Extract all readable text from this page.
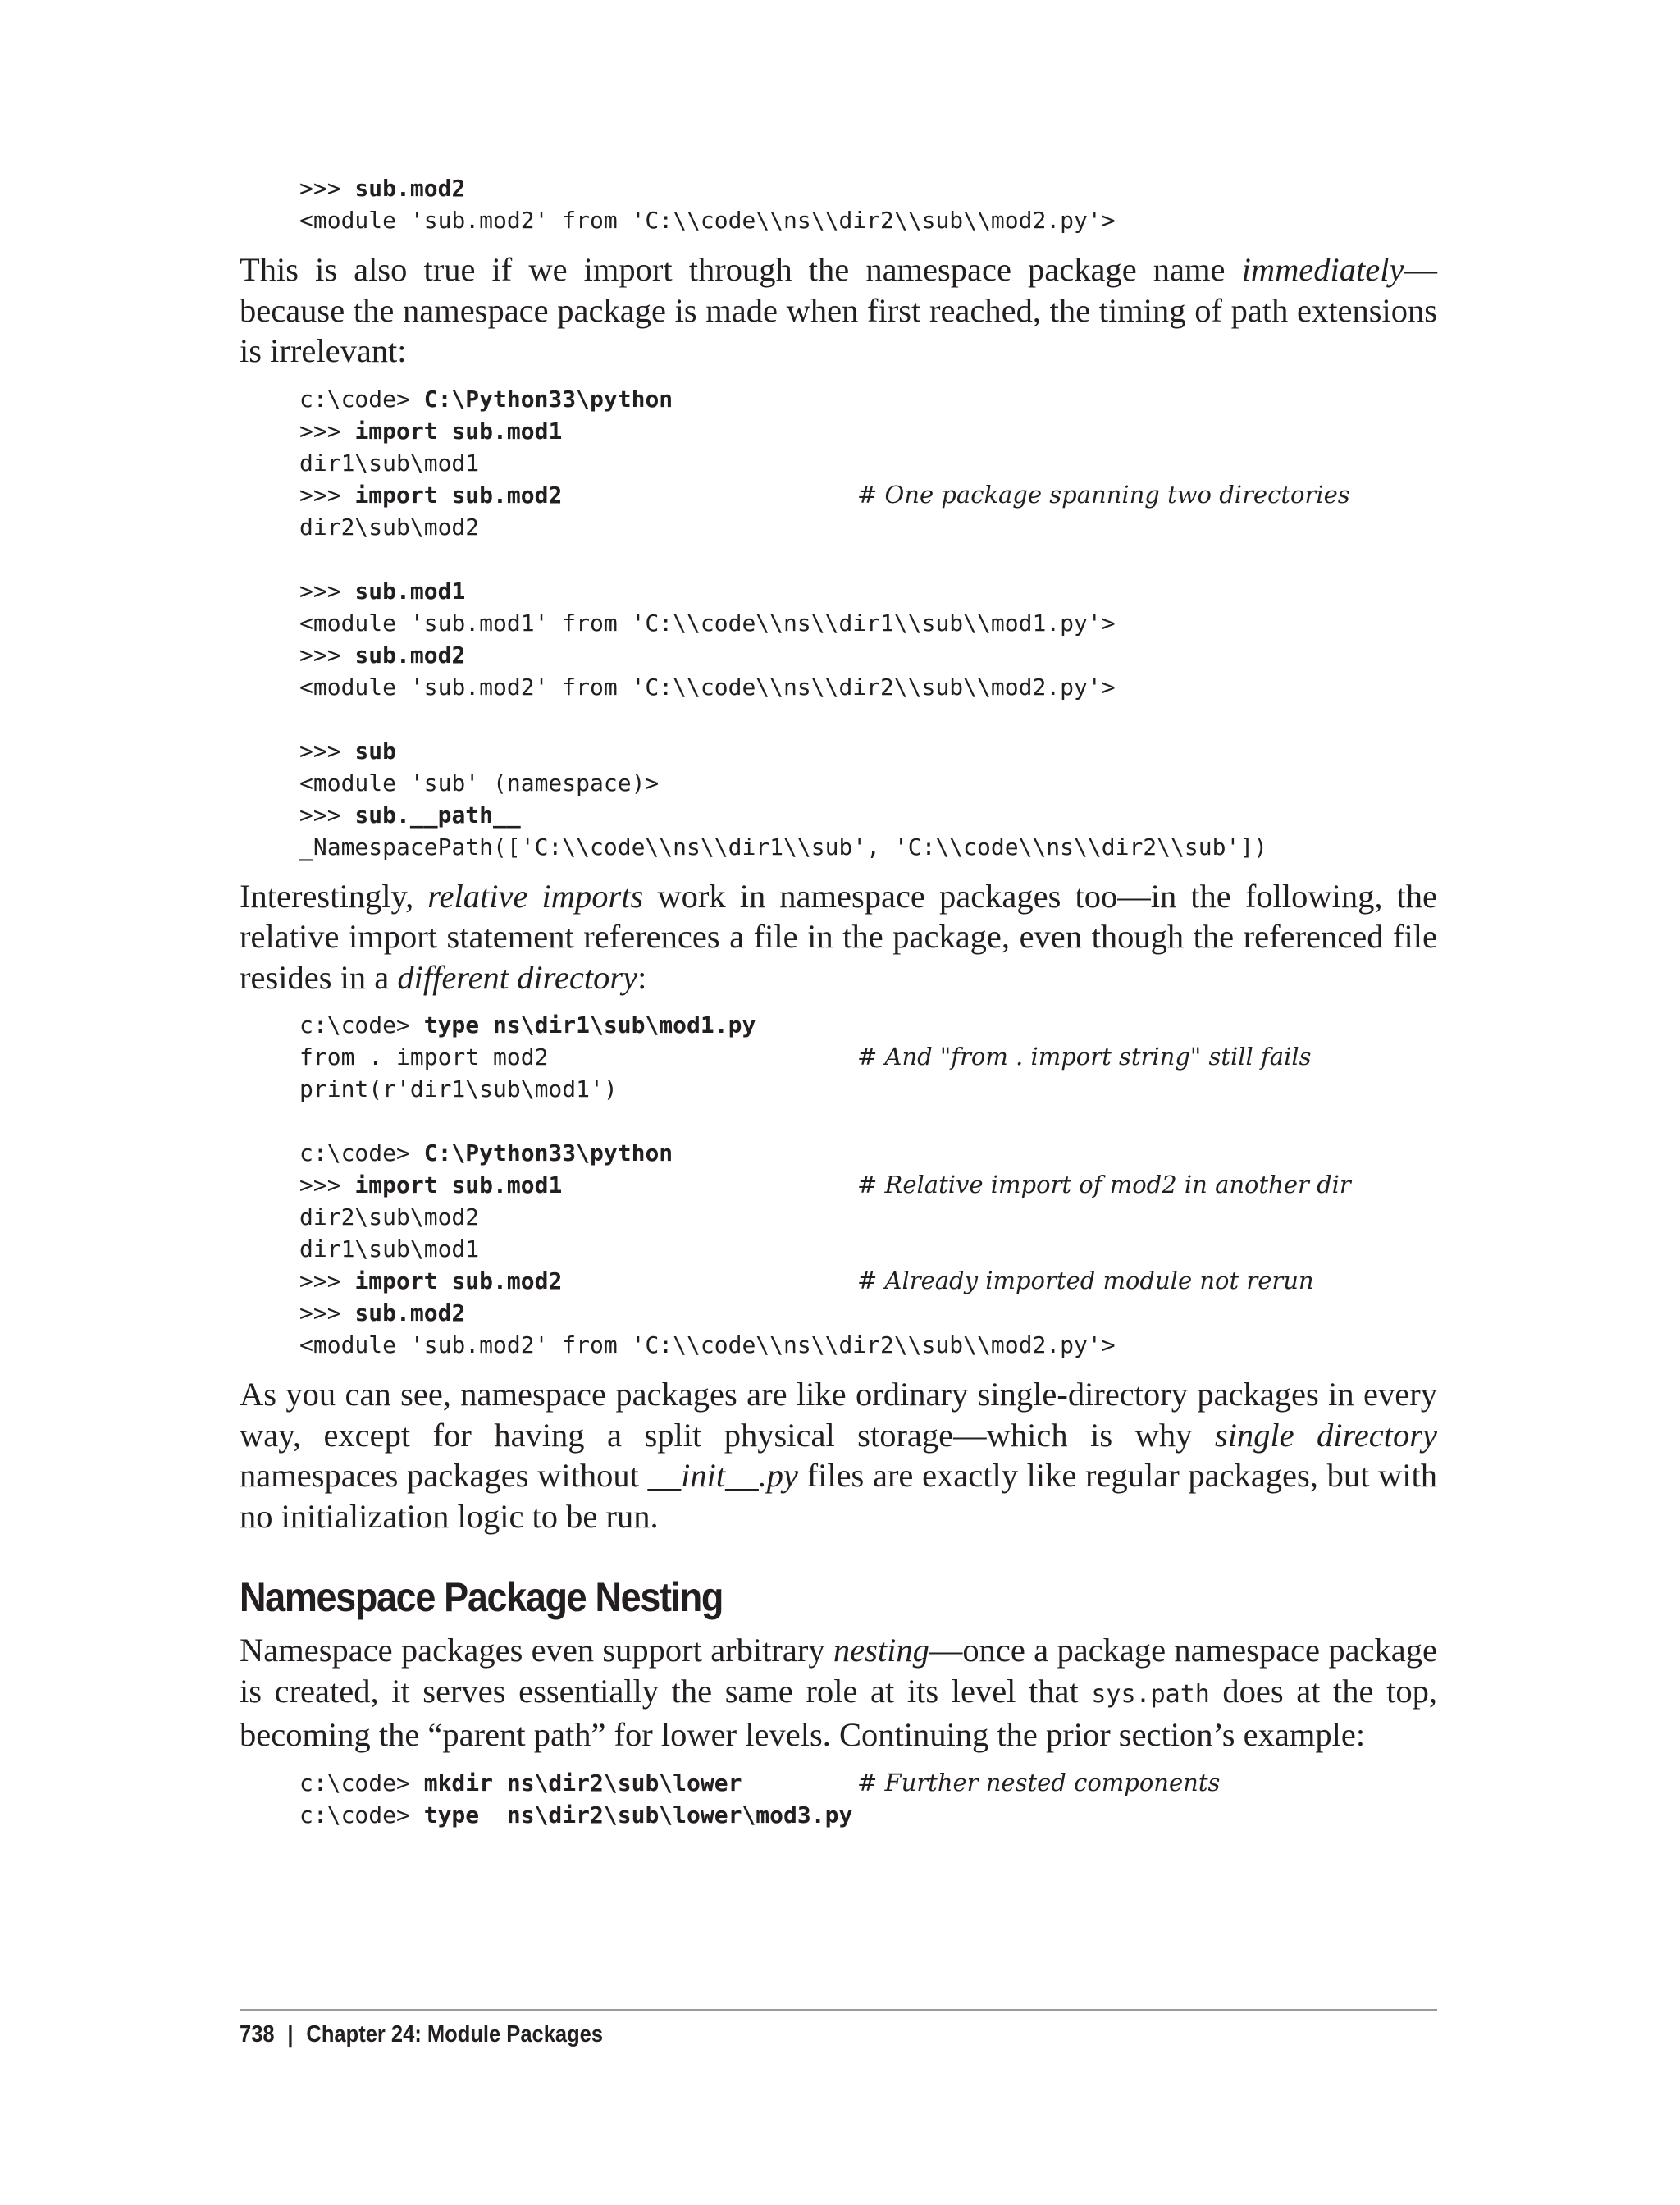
>>> sub.mod2
<module 'sub.mod2' from 'C:\\code\\ns\\dir2\\sub\\mod2.py'>

This is also true if we import through the namespace package name immediately—because the namespace package is made when first reached, the timing of path extensions is irrelevant:

c:\code> C:\Python33\python
>>> import sub.mod1
dir1\sub\mod1
>>> import sub.mod2	# One package spanning two directories
dir2\sub\mod2
>>> sub.mod1
<module 'sub.mod1' from 'C:\\code\\ns\\dir1\\sub\\mod1.py'>
>>> sub.mod2
<module 'sub.mod2' from 'C:\\code\\ns\\dir2\\sub\\mod2.py'>
>>> sub
<module 'sub' (namespace)>
>>> sub.__path__
_NamespacePath(['C:\\code\\ns\\dir1\\sub', 'C:\\code\\ns\\dir2\\sub'])

Interestingly, relative imports work in namespace packages too—in the following, the relative import statement references a file in the package, even though the referenced file resides in a different directory:

c:\code> type ns\dir1\sub\mod1.py
from . import mod2	# And "from . import string" still fails
print(r'dir1\sub\mod1')
c:\code> C:\Python33\python
>>> import sub.mod1	# Relative import of mod2 in another dir
dir2\sub\mod2
dir1\sub\mod1
>>> import sub.mod2	# Already imported module not rerun
>>> sub.mod2
<module 'sub.mod2' from 'C:\\code\\ns\\dir2\\sub\\mod2.py'>

As you can see, namespace packages are like ordinary single-directory packages in every way, except for having a split physical storage—which is why single directory namespaces packages without __init__.py files are exactly like regular packages, but with no initialization logic to be run.

Namespace Package Nesting

Namespace packages even support arbitrary nesting—once a package namespace package is created, it serves essentially the same role at its level that sys.path does at the top, becoming the “parent path” for lower levels. Continuing the prior section’s example:

c:\code> mkdir ns\dir2\sub\lower	# Further nested components
c:\code> type  ns\dir2\sub\lower\mod3.py
738 | Chapter 24: Module Packages
